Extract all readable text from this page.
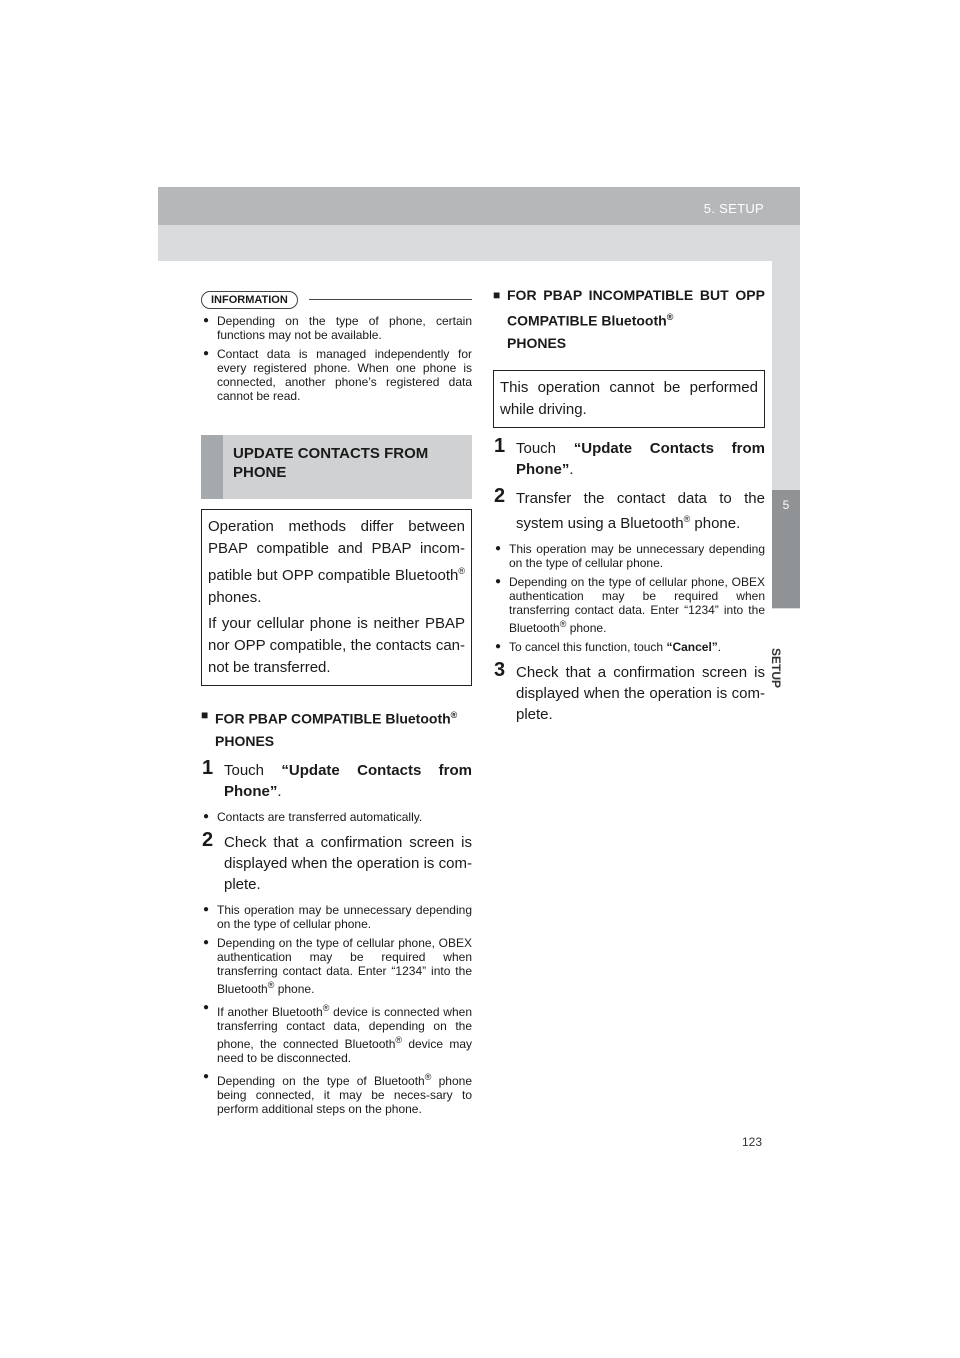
5. SETUP
5
SETUP
INFORMATION
● Depending on the type of phone, certain functions may not be available.
● Contact data is managed independently for every registered phone. When one phone is connected, another phone’s registered data cannot be read.
UPDATE CONTACTS FROM PHONE
Operation methods differ between PBAP compatible and PBAP incom-patible but OPP compatible Bluetooth® phones.
If your cellular phone is neither PBAP nor OPP compatible, the contacts can-not be transferred.
■ FOR PBAP COMPATIBLE Bluetooth®
PHONES
1 Touch “Update Contacts from Phone”.
● Contacts are transferred automatically.
2 Check that a confirmation screen is displayed when the operation is com-plete.
● This operation may be unnecessary depending on the type of cellular phone.
● Depending on the type of cellular phone, OBEX authentication may be required when transferring contact data. Enter “1234” into the Bluetooth® phone.
● If another Bluetooth® device is connected when transferring contact data, depending on the phone, the connected Bluetooth® device may need to be disconnected.
● Depending on the type of Bluetooth® phone being connected, it may be neces-sary to perform additional steps on the phone.
■ FOR PBAP INCOMPATIBLE BUT OPP COMPATIBLE Bluetooth®
PHONES
This operation cannot be performed while driving.
1 Touch “Update Contacts from Phone”.
2 Transfer the contact data to the system using a Bluetooth® phone.
● This operation may be unnecessary depending on the type of cellular phone.
● Depending on the type of cellular phone, OBEX authentication may be required when transferring contact data. Enter “1234” into the Bluetooth® phone.
● To cancel this function, touch “Cancel”.
3 Check that a confirmation screen is displayed when the operation is com-plete.
123
